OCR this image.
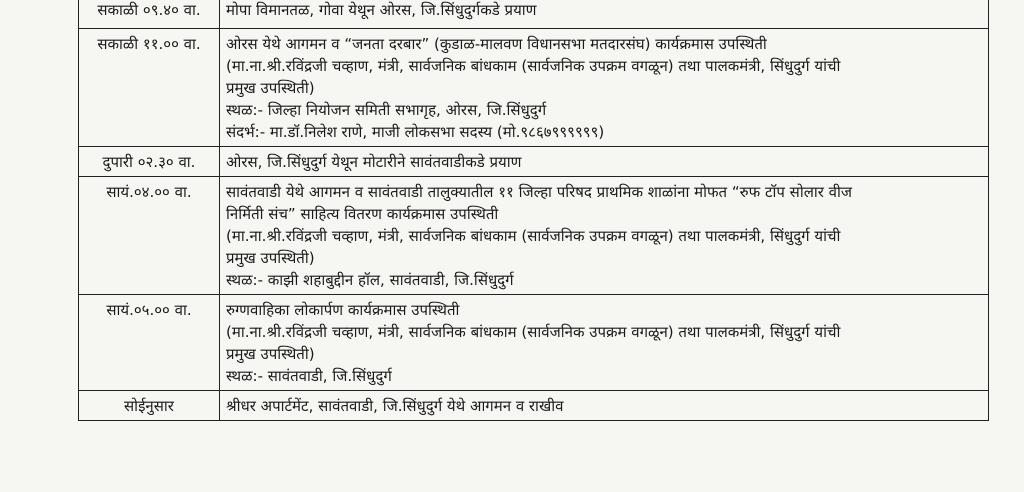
सकाळी ०९.४० वा.	मोपा विमानतळ, गोवा येथून ओरस, जि.सिंधुदुर्गकडे प्रयाण

सकाळी ११.०० वा.	ओरस येथे आगमन व “जनता दरबार” (कुडाळ-मालवण विधानसभा मतदारसंघ) कार्यक्रमास उपस्थिती
(मा.ना.श्री.रविंद्रजी चव्हाण, मंत्री, सार्वजनिक बांधकाम (सार्वजनिक उपक्रम वगळून) तथा पालकमंत्री, सिंधुदुर्ग यांची
प्रमुख उपस्थिती)
स्थळ:- जिल्हा नियोजन समिती सभागृह, ओरस, जि.सिंधुदुर्ग
संदर्भ:- मा.डॉ.निलेश राणे, माजी लोकसभा सदस्य (मो.९८६७९९९९९९)

दुपारी ०२.३० वा.	ओरस, जि.सिंधुदुर्ग येथून मोटारीने सावंतवाडीकडे प्रयाण

सायं.०४.०० वा.	सावंतवाडी येथे आगमन व सावंतवाडी तालुक्यातील ११ जिल्हा परिषद प्राथमिक शाळांना मोफत “रुफ टॉप सोलार वीज
निर्मिती संच” साहित्य वितरण कार्यक्रमास उपस्थिती
(मा.ना.श्री.रविंद्रजी चव्हाण, मंत्री, सार्वजनिक बांधकाम (सार्वजनिक उपक्रम वगळून) तथा पालकमंत्री, सिंधुदुर्ग यांची
प्रमुख उपस्थिती)
स्थळ:- काझी शहाबुद्दीन हॉल, सावंतवाडी, जि.सिंधुदुर्ग

सायं.०५.०० वा.	रुग्णवाहिका लोकार्पण कार्यक्रमास उपस्थिती
(मा.ना.श्री.रविंद्रजी चव्हाण, मंत्री, सार्वजनिक बांधकाम (सार्वजनिक उपक्रम वगळून) तथा पालकमंत्री, सिंधुदुर्ग यांची
प्रमुख उपस्थिती)
स्थळ:- सावंतवाडी, जि.सिंधुदुर्ग

सोईनुसार	श्रीधर अपार्टमेंट, सावंतवाडी, जि.सिंधुदुर्ग येथे आगमन व राखीव
